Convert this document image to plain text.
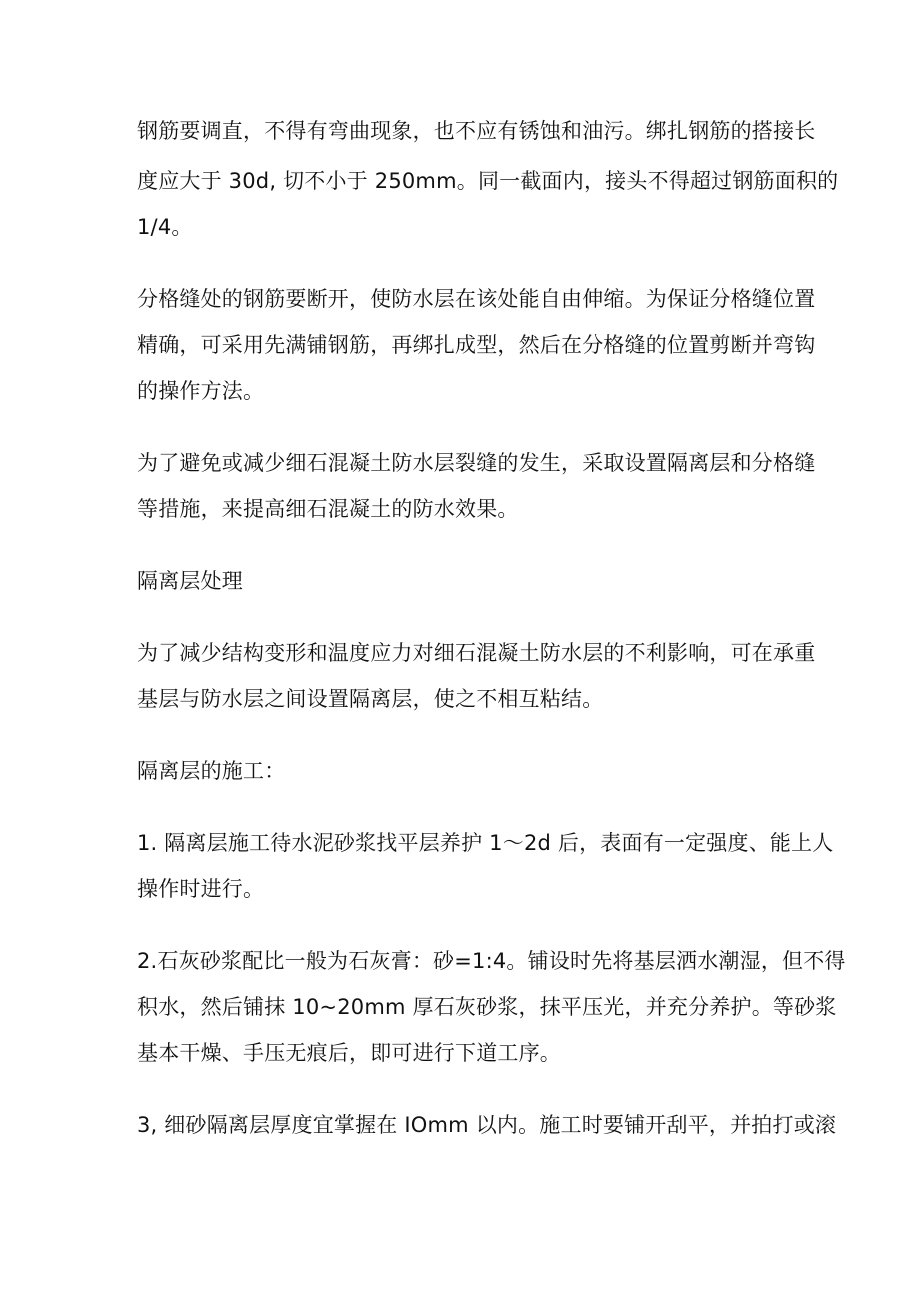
钢筋要调直，不得有弯曲现象，也不应有锈蚀和油污。绑扎钢筋的搭接长

度应大于 30d, 切不小于 250mm。同一截面内，接头不得超过钢筋面积的

1/4。

分格缝处的钢筋要断开，使防水层在该处能自由伸缩。为保证分格缝位置

精确，可采用先满铺钢筋，再绑扎成型，然后在分格缝的位置剪断并弯钩

的操作方法。

为了避免或减少细石混凝土防水层裂缝的发生，采取设置隔离层和分格缝

等措施，来提高细石混凝土的防水效果。

隔离层处理

为了减少结构变形和温度应力对细石混凝土防水层的不利影响，可在承重

基层与防水层之间设置隔离层，使之不相互粘结。

隔离层的施工：

1. 隔离层施工待水泥砂浆找平层养护 1～2d 后，表面有一定强度、能上人

操作时进行。

2.石灰砂浆配比一般为石灰膏：砂=1:4。铺设时先将基层洒水潮湿，但不得

积水，然后铺抹 10~20mm 厚石灰砂浆，抹平压光，并充分养护。等砂浆

基本干燥、手压无痕后，即可进行下道工序。

3, 细砂隔离层厚度宜掌握在 IOmm 以内。施工时要铺开刮平，并拍打或滚
